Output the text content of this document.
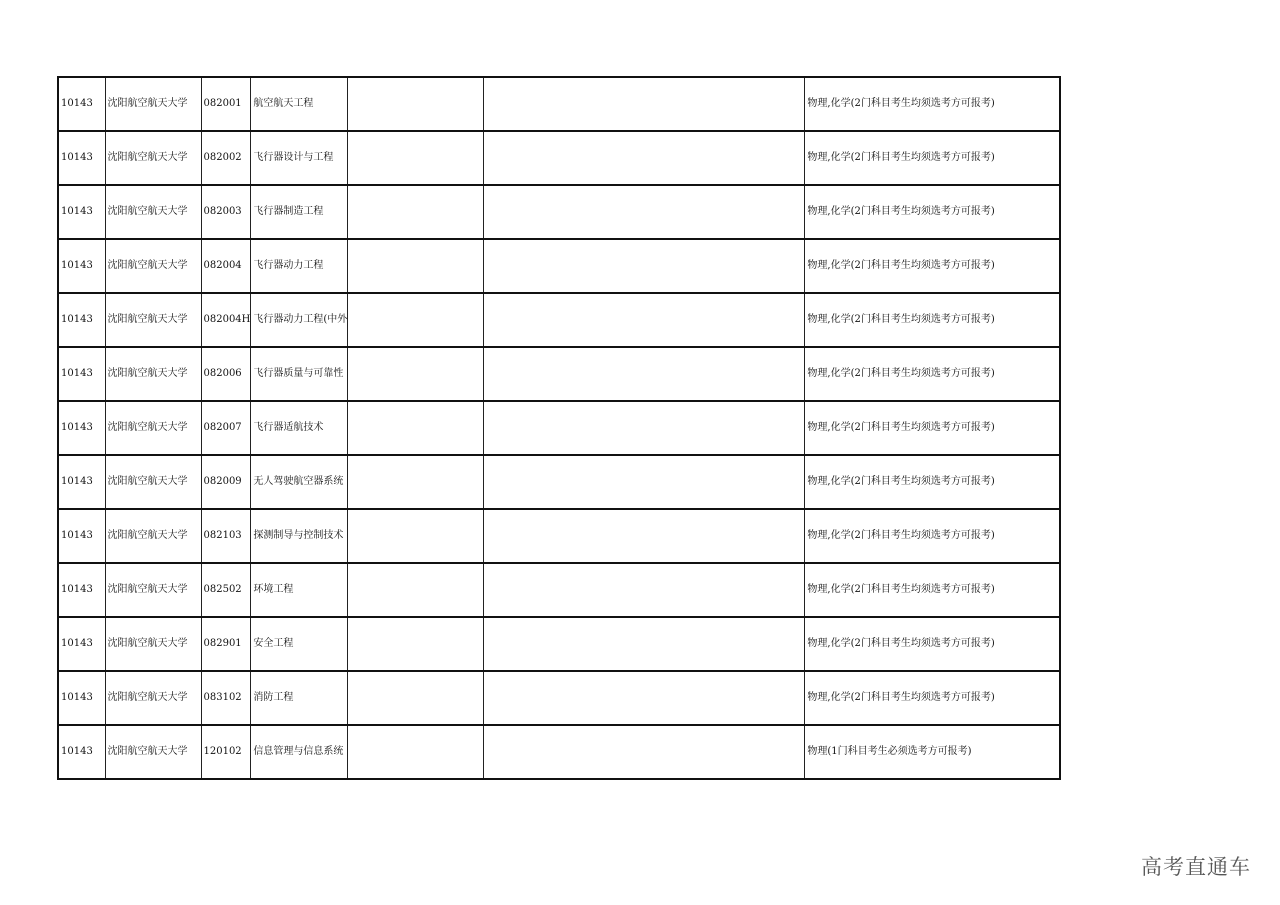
10143	沈阳航空航天大学	082001	航空航天工程			物理,化学(2门科目考生均须选考方可报考)
10143	沈阳航空航天大学	082002	飞行器设计与工程			物理,化学(2门科目考生均须选考方可报考)
10143	沈阳航空航天大学	082003	飞行器制造工程			物理,化学(2门科目考生均须选考方可报考)
10143	沈阳航空航天大学	082004	飞行器动力工程			物理,化学(2门科目考生均须选考方可报考)
10143	沈阳航空航天大学	082004H	飞行器动力工程(中外			物理,化学(2门科目考生均须选考方可报考)
10143	沈阳航空航天大学	082006	飞行器质量与可靠性			物理,化学(2门科目考生均须选考方可报考)
10143	沈阳航空航天大学	082007	飞行器适航技术			物理,化学(2门科目考生均须选考方可报考)
10143	沈阳航空航天大学	082009	无人驾驶航空器系统			物理,化学(2门科目考生均须选考方可报考)
10143	沈阳航空航天大学	082103	探测制导与控制技术			物理,化学(2门科目考生均须选考方可报考)
10143	沈阳航空航天大学	082502	环境工程			物理,化学(2门科目考生均须选考方可报考)
10143	沈阳航空航天大学	082901	安全工程			物理,化学(2门科目考生均须选考方可报考)
10143	沈阳航空航天大学	083102	消防工程			物理,化学(2门科目考生均须选考方可报考)
10143	沈阳航空航天大学	120102	信息管理与信息系统			物理(1门科目考生必须选考方可报考)
高考直通车
